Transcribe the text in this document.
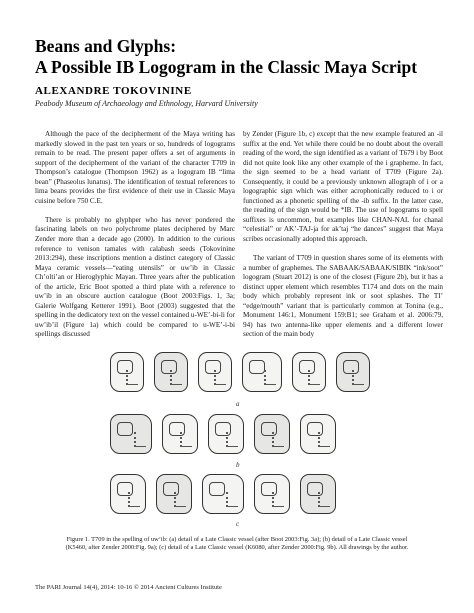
Beans and Glyphs:
A Possible IB Logogram in the Classic Maya Script
ALEXANDRE TOKOVININE
Peabody Museum of Archaeology and Ethnology, Harvard University

Although the pace of the decipherment of the Maya writing has markedly slowed in the past ten years or so, hundreds of logograms remain to be read. The present paper offers a set of arguments in support of the decipherment of the variant of the character T709 in Thompson’s catalogue (Thompson 1962) as a logogram IB “lima bean” (Phaseolus lunatus). The identification of textual references to lima beans provides the first evidence of their use in Classic Maya cuisine before 750 C.E.

There is probably no glyphper who has never pondered the fascinating labels on two polychrome plates deciphered by Marc Zender more than a decade ago (2000). In addition to the curious reference to venison tamales with calabash seeds (Tokovinine 2013:294), these inscriptions mention a distinct category of Classic Maya ceramic vessels—“eating utensils” or uw’ib in Classic Ch’olti’an or Hieroglyphic Mayan. Three years after the publication of the article, Eric Boot spotted a third plate with a reference to uw’ib in an obscure auction catalogue (Boot 2003:Figs. 1, 3a; Galerie Wolfgang Ketterer 1991). Boot (2003) suggested that the spelling in the dedicatory text on the vessel contained u-WE’-bi-li for uw’ib’il (Figure 1a) which could be compared to u-WE’-i-bi spellings discussed

by Zender (Figure 1b, c) except that the new example featured an -il suffix at the end. Yet while there could be no doubt about the overall reading of the word, the sign identified as a variant of T679 i by Boot did not quite look like any other example of the i grapheme. In fact, the sign seemed to be a head variant of T709 (Figure 2a). Consequently, it could be a previously unknown allograph of i or a logographic sign which was either acrophonically reduced to i or functioned as a phonetic spelling of the -ib suffix. In the latter case, the reading of the sign would be *IB. The use of logograms to spell suffixes is uncommon, but examples like CHAN-NAL for chanal “celestial” or AK’-TAJ-ja for ak’taj “he dances” suggest that Maya scribes occasionally adopted this approach.

The variant of T709 in question shares some of its elements with a number of graphemes. The SABAAK/SABAAK/SIBIK “ink/soot” logogram (Stuart 2012) is one of the closest (Figure 2b), but it has a distinct upper element which resembles T174 and dots on the main body which probably represent ink or soot splashes. The TI’ “edge/mouth” variant that is particularly common at Tonina (e.g., Monument 146:1, Monument 159:B1; see Graham et al. 2006:79, 94) has two antenna-like upper elements and a different lower section of the main body

a
b
c
Figure 1. T709 in the spelling of uw’ib: (a) detail of a Late Classic vessel (after Boot 2003:Fig. 3a); (b) detail of a Late Classic vessel (K5460, after Zender 2000:Fig. 9a); (c) detail of a Late Classic vessel (K6080, after Zender 2000:Fig. 9b). All drawings by the author.
The PARI Journal 14(4), 2014: 10-16 © 2014 Ancient Cultures Institute
